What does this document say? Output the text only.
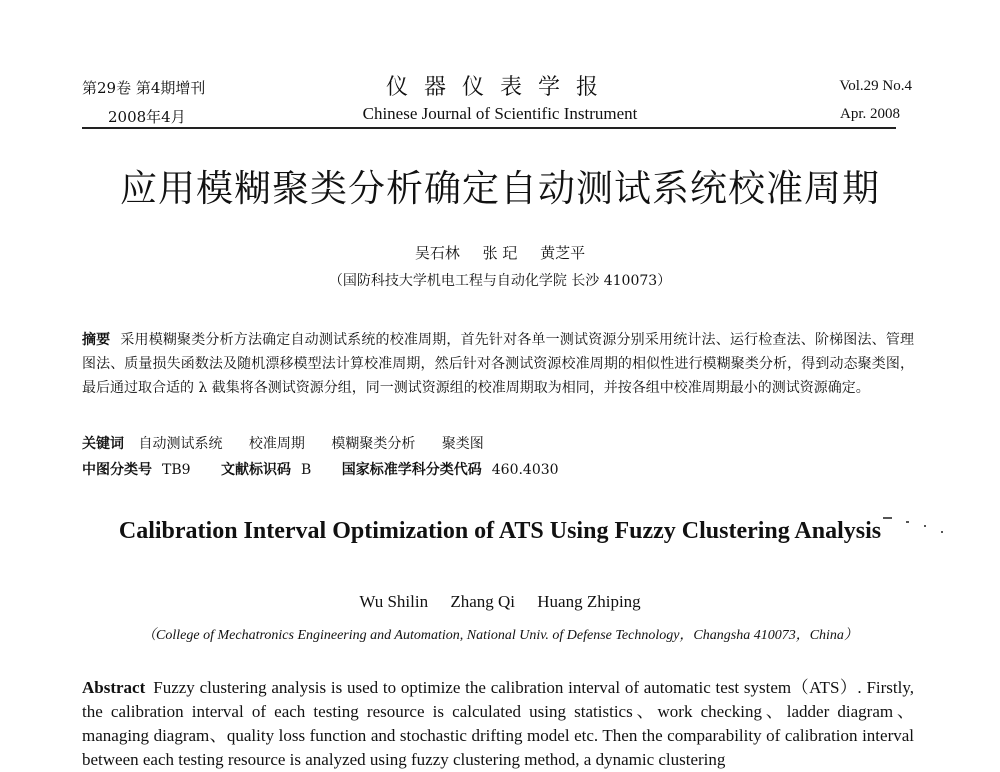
第29卷 第4期增刊
2008年4月
仪器仪表学报
Chinese Journal of Scientific Instrument
Vol.29 No.4
Apr. 2008
应用模糊聚类分析确定自动测试系统校准周期
吴石林 张 玘 黄芝平
（国防科技大学机电工程与自动化学院 长沙 410073）
摘要 采用模糊聚类分析方法确定自动测试系统的校准周期，首先针对各单一测试资源分别采用统计法、运行检查法、阶梯图法、管理图法、质量损失函数法及随机漂移模型法计算校准周期，然后针对各测试资源校准周期的相似性进行模糊聚类分析，得到动态聚类图，最后通过取合适的 λ 截集将各测试资源分组，同一测试资源组的校准周期取为相同，并按各组中校准周期最小的测试资源确定。
关键词 自动测试系统 校准周期 模糊聚类分析 聚类图
中图分类号 TB9 文献标识码 B 国家标准学科分类代码 460.4030
Calibration Interval Optimization of ATS Using Fuzzy Clustering Analysis
Wu Shilin Zhang Qi Huang Zhiping
（College of Mechatronics Engineering and Automation, National Univ. of Defense Technology，Changsha 410073，China）
Abstract Fuzzy clustering analysis is used to optimize the calibration interval of automatic test system（ATS）. Firstly, the calibration interval of each testing resource is calculated using statistics、work checking、ladder diagram、managing diagram、quality loss function and stochastic drifting model etc. Then the comparability of calibration interval between each testing resource is analyzed using fuzzy clustering method, a dynamic clustering
